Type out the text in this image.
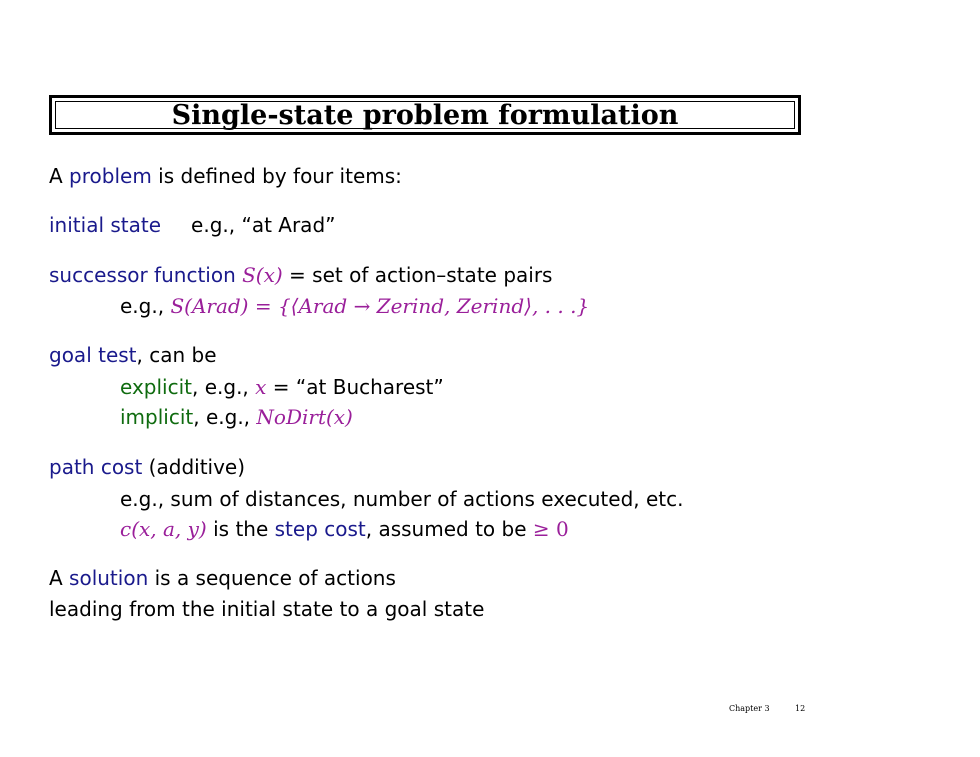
Single-state problem formulation
A problem is defined by four items:
initial state e.g., “at Arad”
successor function S(x) = set of action–state pairs
e.g., S(Arad) = {⟨Arad → Zerind, Zerind⟩, . . .}
goal test, can be
explicit, e.g., x = “at Bucharest”
implicit, e.g., NoDirt(x)
path cost (additive)
e.g., sum of distances, number of actions executed, etc.
c(x, a, y) is the step cost, assumed to be ≥ 0
A solution is a sequence of actions
leading from the initial state to a goal state
Chapter 3	12
